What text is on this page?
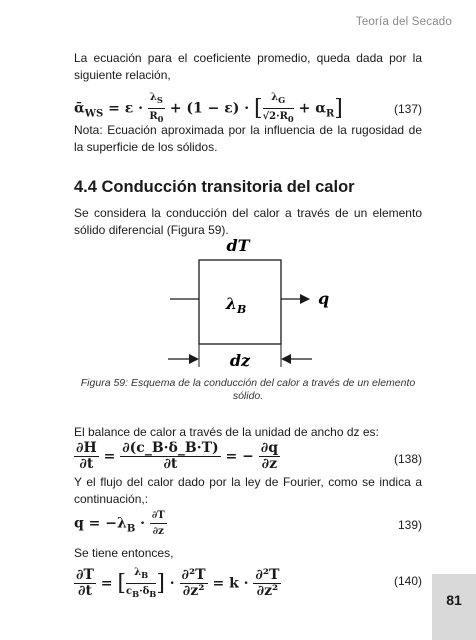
Teoría del Secado
La ecuación para el coeficiente promedio, queda dada por la siguiente relación,
ᾱ$_{WS}$ = $\varepsilon \cdot \frac{\lambda_S}{R_0} + (1 - \varepsilon)$ · [ $\frac{\lambda_G}{√2\cdot R_0} + \alpha_R$]	(137)
Nota: Ecuación aproximada por la influencia de la rugosidad de la superficie de los sólidos.
4.4 Conducción transitoria del calor
Se considera la conducción del calor a través de un elemento sólido diferencial (Figura 59).
dT
$\lambda_B$
q
dz
Figura 59: Esquema de la conducción del calor a través de un elemento sólido.
El balance de calor a través de la unidad de ancho dz es:
$\frac{\partial H}{\partial t} = \frac{\partial(c\_B\cdot\delta\_B\cdot T)}{\partial t}$ = − $\frac{\partial q}{\partial z}$	(138)
Y el flujo del calor dado por la ley de Fourier, como se indica a continuación,:
$q = -\lambda_B \cdot \frac{\partial T}{\partial z}$	139)
Se tiene entonces,
$\frac{\partial T}{\partial t}$ = [ $\frac{\lambda_B}{c_B\cdot\delta_B}$ ] · $\frac{\text{∂²T}}{\text{∂z²}} = k \cdot \frac{\text{∂²T}}{\text{∂z²}}$	(140)
81
